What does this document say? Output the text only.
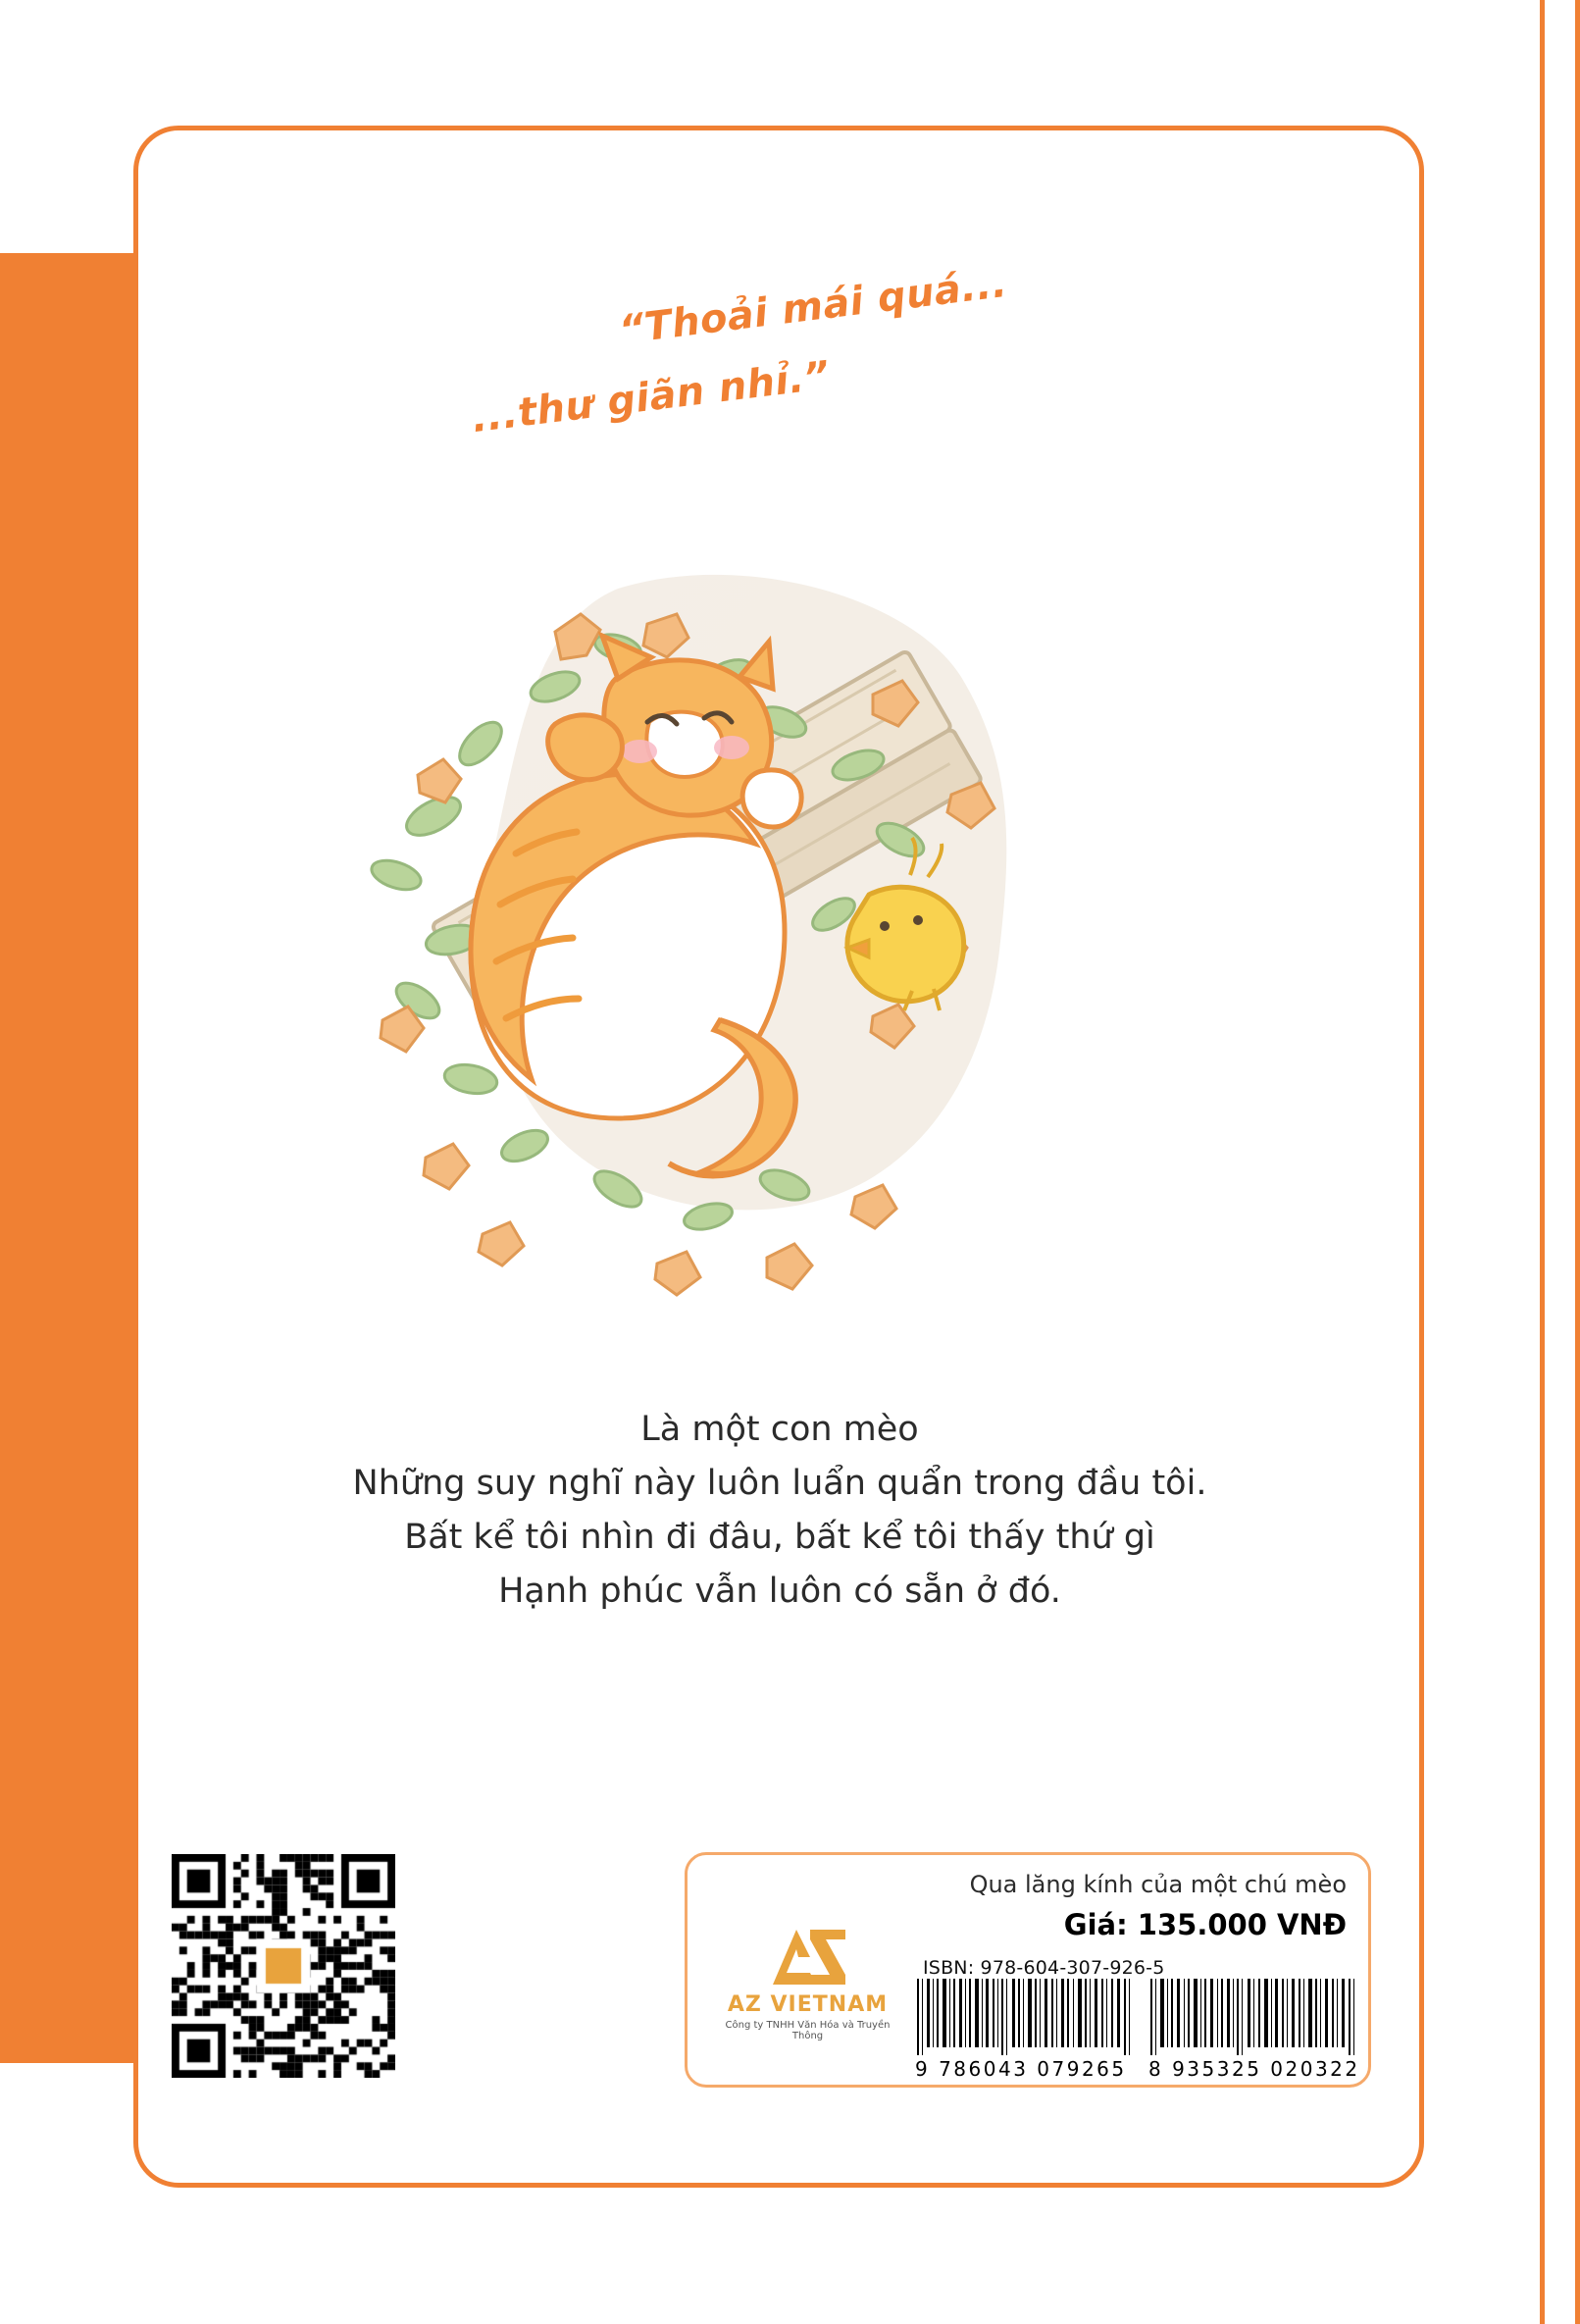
“Thoải mái quá...
...thư giãn nhỉ.”
Là một con mèo
Những suy nghĩ này luôn luẩn quẩn trong đầu tôi.
Bất kể tôi nhìn đi đâu, bất kể tôi thấy thứ gì
Hạnh phúc vẫn luôn có sẵn ở đó.
AZ VIETNAM
Công ty TNHH Văn Hóa và Truyền Thông
Qua lăng kính của một chú mèo
Giá: 135.000 VNĐ
ISBN: 978-604-307-926-5
9 786043 079265	8 935325 020322
